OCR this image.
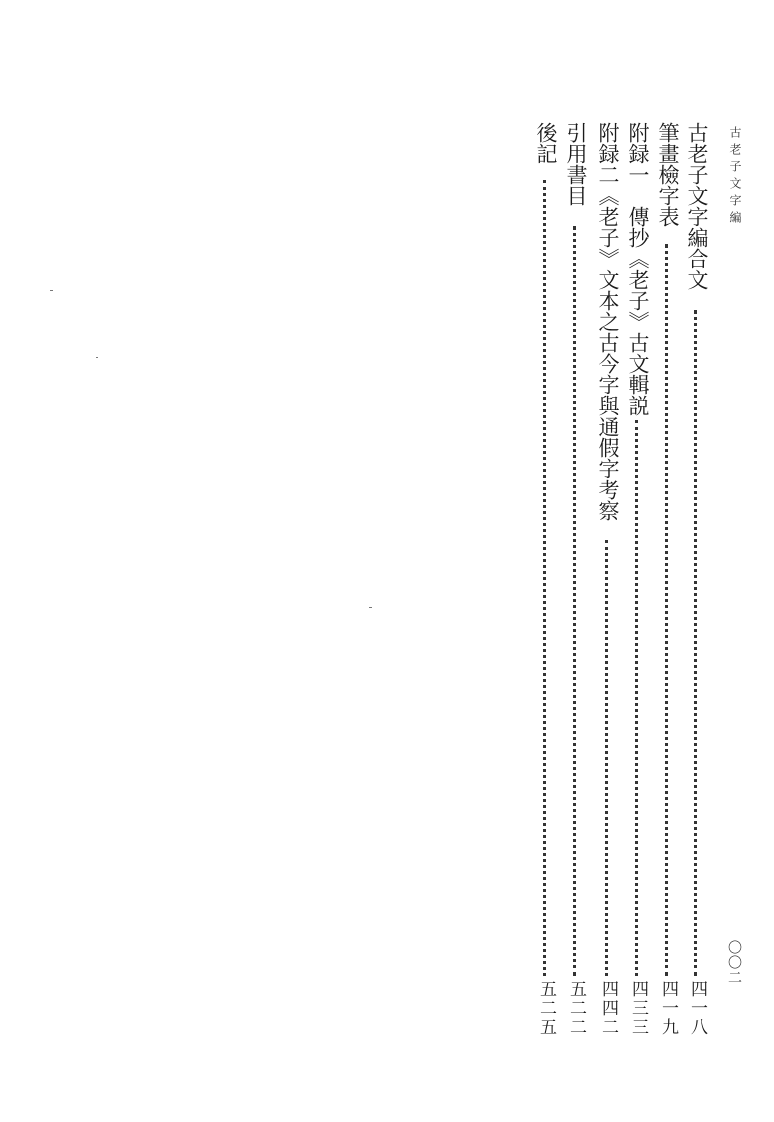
古老子文字編
〇〇二
古老子文字編合文
四一八
筆畫檢字表
四一九
附録一　傳抄《老子》古文輯説
四三三
附録二《老子》文本之古今字與通假字考察
四四二
引用書目
五二二
後記
五二五
